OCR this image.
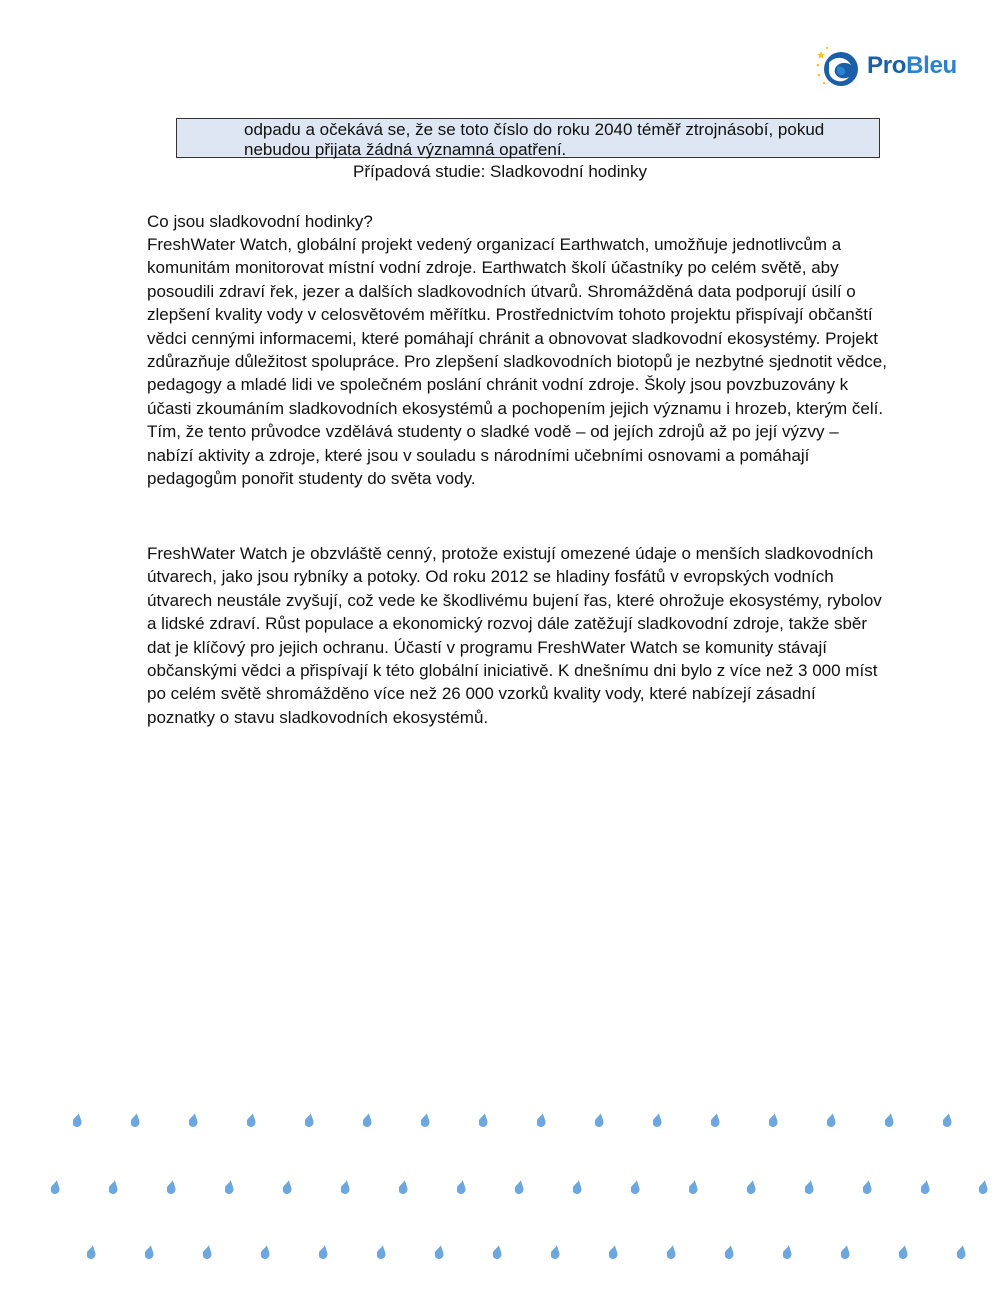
ProBleu

odpadu a očekává se, že se toto číslo do roku 2040 téměř ztrojnásobí, pokud nebudou přijata žádná významná opatření.

Případová studie: Sladkovodní hodinky

Co jsou sladkovodní hodinky?

FreshWater Watch, globální projekt vedený organizací Earthwatch, umožňuje jednotlivcům a komunitám monitorovat místní vodní zdroje. Earthwatch školí účastníky po celém světě, aby posoudili zdraví řek, jezer a dalších sladkovodních útvarů. Shromážděná data podporují úsilí o zlepšení kvality vody v celosvětovém měřítku. Prostřednictvím tohoto projektu přispívají občanští vědci cennými informacemi, které pomáhají chránit a obnovovat sladkovodní ekosystémy. Projekt zdůrazňuje důležitost spolupráce. Pro zlepšení sladkovodních biotopů je nezbytné sjednotit vědce, pedagogy a mladé lidi ve společném poslání chránit vodní zdroje. Školy jsou povzbuzovány k účasti zkoumáním sladkovodních ekosystémů a pochopením jejich významu i hrozeb, kterým čelí. Tím, že tento průvodce vzdělává studenty o sladké vodě – od jejích zdrojů až po její výzvy – nabízí aktivity a zdroje, které jsou v souladu s národními učebními osnovami a pomáhají pedagogům ponořit studenty do světa vody.

FreshWater Watch je obzvláště cenný, protože existují omezené údaje o menších sladkovodních útvarech, jako jsou rybníky a potoky. Od roku 2012 se hladiny fosfátů v evropských vodních útvarech neustále zvyšují, což vede ke škodlivému bujení řas, které ohrožuje ekosystémy, rybolov a lidské zdraví. Růst populace a ekonomický rozvoj dále zatěžují sladkovodní zdroje, takže sběr dat je klíčový pro jejich ochranu. Účastí v programu FreshWater Watch se komunity stávají občanskými vědci a přispívají k této globální iniciativě. K dnešnímu dni bylo z více než 3 000 míst po celém světě shromážděno více než 26 000 vzorků kvality vody, které nabízejí zásadní poznatky o stavu sladkovodních ekosystémů.
